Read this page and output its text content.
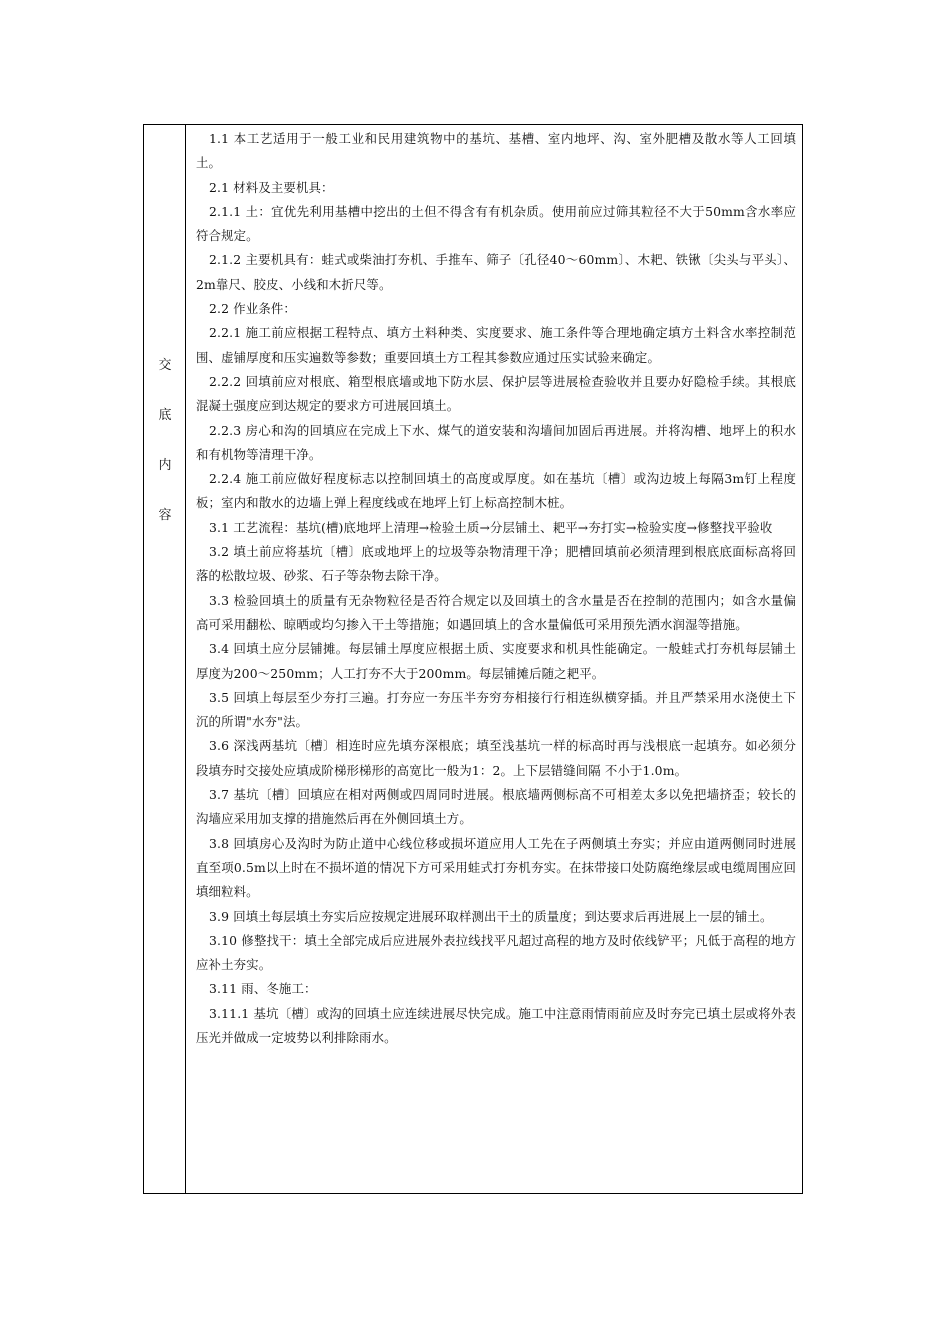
交
底
内
容

1.1 本工艺适用于一般工业和民用建筑物中的基坑、基槽、室内地坪、沟、室外肥槽及散水等人工回填土。

2.1 材料及主要机具：

2.1.1 土：宜优先利用基槽中挖出的土但不得含有有机杂质。使用前应过筛其粒径不大于50mm含水率应符合规定。

2.1.2 主要机具有：蛙式或柴油打夯机、手推车、筛子〔孔径40～60mm〕、木耙、铁锹〔尖头与平头〕、2m靠尺、胶皮、小线和木折尺等。

2.2 作业条件：

2.2.1 施工前应根据工程特点、填方土料种类、实度要求、施工条件等合理地确定填方土料含水率控制范围、虚铺厚度和压实遍数等参数；重要回填土方工程其参数应通过压实试验来确定。

2.2.2 回填前应对根底、箱型根底墙或地下防水层、保护层等进展检查验收并且要办好隐检手续。其根底混凝土强度应到达规定的要求方可进展回填土。

2.2.3 房心和沟的回填应在完成上下水、煤气的道安装和沟墙间加固后再进展。并将沟槽、地坪上的积水和有机物等清理干净。

2.2.4 施工前应做好程度标志以控制回填土的高度或厚度。如在基坑〔槽〕或沟边坡上每隔3m钉上程度板；室内和散水的边墙上弹上程度线或在地坪上钉上标高控制木桩。

3.1 工艺流程：基坑(槽)底地坪上清理→检验土质→分层铺土、耙平→夯打实→检验实度→修整找平验收

3.2 填土前应将基坑〔槽〕底或地坪上的垃圾等杂物清理干净；肥槽回填前必须清理到根底底面标高将回落的松散垃圾、砂浆、石子等杂物去除干净。

3.3 检验回填土的质量有无杂物粒径是否符合规定以及回填土的含水量是否在控制的范围内；如含水量偏高可采用翻松、晾晒或均匀掺入干土等措施；如遇回填上的含水量偏低可采用预先洒水润湿等措施。

3.4 回填土应分层铺摊。每层铺土厚度应根据土质、实度要求和机具性能确定。一般蛙式打夯机每层铺土厚度为200～250mm；人工打夯不大于200mm。每层铺摊后随之耙平。

3.5 回填上每层至少夯打三遍。打夯应一夯压半夯穷夯相接行行相连纵横穿插。并且严禁采用水浇使土下沉的所谓"水夯"法。

3.6 深浅两基坑〔槽〕相连时应先填夯深根底；填至浅基坑一样的标高时再与浅根底一起填夯。如必须分段填夯时交接处应填成阶梯形梯形的高宽比一般为1：2。上下层错缝间隔 不小于1.0m。

3.7 基坑〔槽〕回填应在相对两侧或四周同时进展。根底墙两侧标高不可相差太多以免把墙挤歪；较长的沟墙应采用加支撑的措施然后再在外侧回填土方。

3.8 回填房心及沟时为防止道中心线位移或损坏道应用人工先在子两侧填土夯实；并应由道两侧同时进展直至项0.5m以上时在不损坏道的情况下方可采用蛙式打夯机夯实。在抹带接口处防腐绝缘层或电缆周围应回填细粒料。

3.9 回填土每层填土夯实后应按规定进展环取样测出干土的质量度；到达要求后再进展上一层的铺土。

3.10 修整找干：填土全部完成后应进展外表拉线找平凡超过高程的地方及时依线铲平；凡低于高程的地方应补土夯实。

3.11 雨、冬施工：

3.11.1 基坑〔槽〕或沟的回填土应连续进展尽快完成。施工中注意雨情雨前应及时夯完已填土层或将外表压光并做成一定坡势以利排除雨水。
